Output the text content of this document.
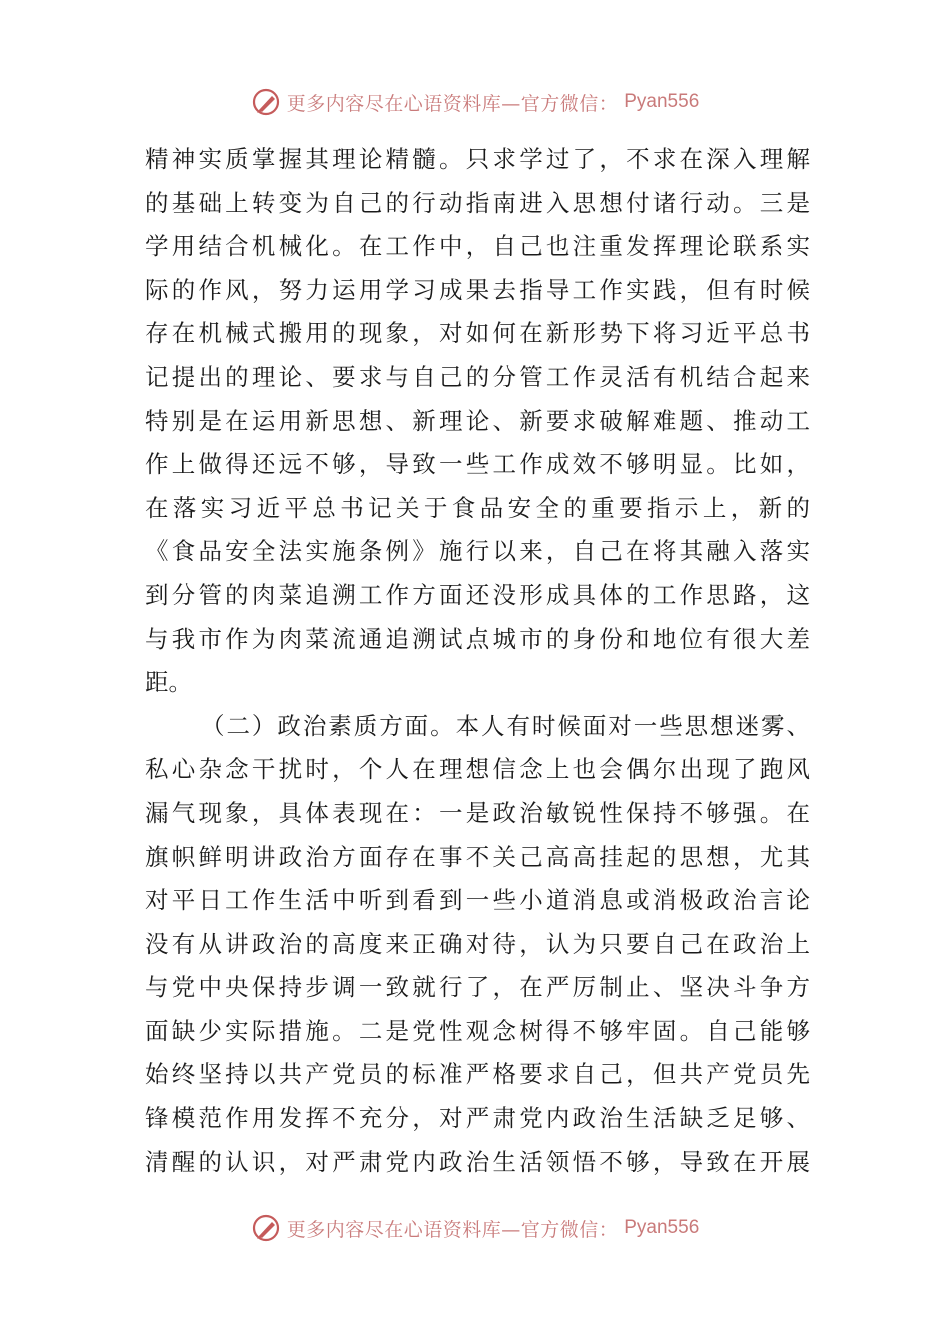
更多内容尽在心语资料库—官方微信： Pyan556
精神实质掌握其理论精髓。只求学过了，不求在深入理解
的基础上转变为自己的行动指南进入思想付诸行动。三是
学用结合机械化。在工作中，自己也注重发挥理论联系实
际的作风，努力运用学习成果去指导工作实践，但有时候
存在机械式搬用的现象，对如何在新形势下将习近平总书
记提出的理论、要求与自己的分管工作灵活有机结合起来
特别是在运用新思想、新理论、新要求破解难题、推动工
作上做得还远不够，导致一些工作成效不够明显。比如，
在落实习近平总书记关于食品安全的重要指示上，新的
《食品安全法实施条例》施行以来，自己在将其融入落实
到分管的肉菜追溯工作方面还没形成具体的工作思路，这
与我市作为肉菜流通追溯试点城市的身份和地位有很大差
距。
（二）政治素质方面。本人有时候面对一些思想迷雾、
私心杂念干扰时，个人在理想信念上也会偶尔出现了跑风
漏气现象，具体表现在：一是政治敏锐性保持不够强。在
旗帜鲜明讲政治方面存在事不关己高高挂起的思想，尤其
对平日工作生活中听到看到一些小道消息或消极政治言论
没有从讲政治的高度来正确对待，认为只要自己在政治上
与党中央保持步调一致就行了，在严厉制止、坚决斗争方
面缺少实际措施。二是党性观念树得不够牢固。自己能够
始终坚持以共产党员的标准严格要求自己，但共产党员先
锋模范作用发挥不充分，对严肃党内政治生活缺乏足够、
清醒的认识，对严肃党内政治生活领悟不够，导致在开展
更多内容尽在心语资料库—官方微信： Pyan556
